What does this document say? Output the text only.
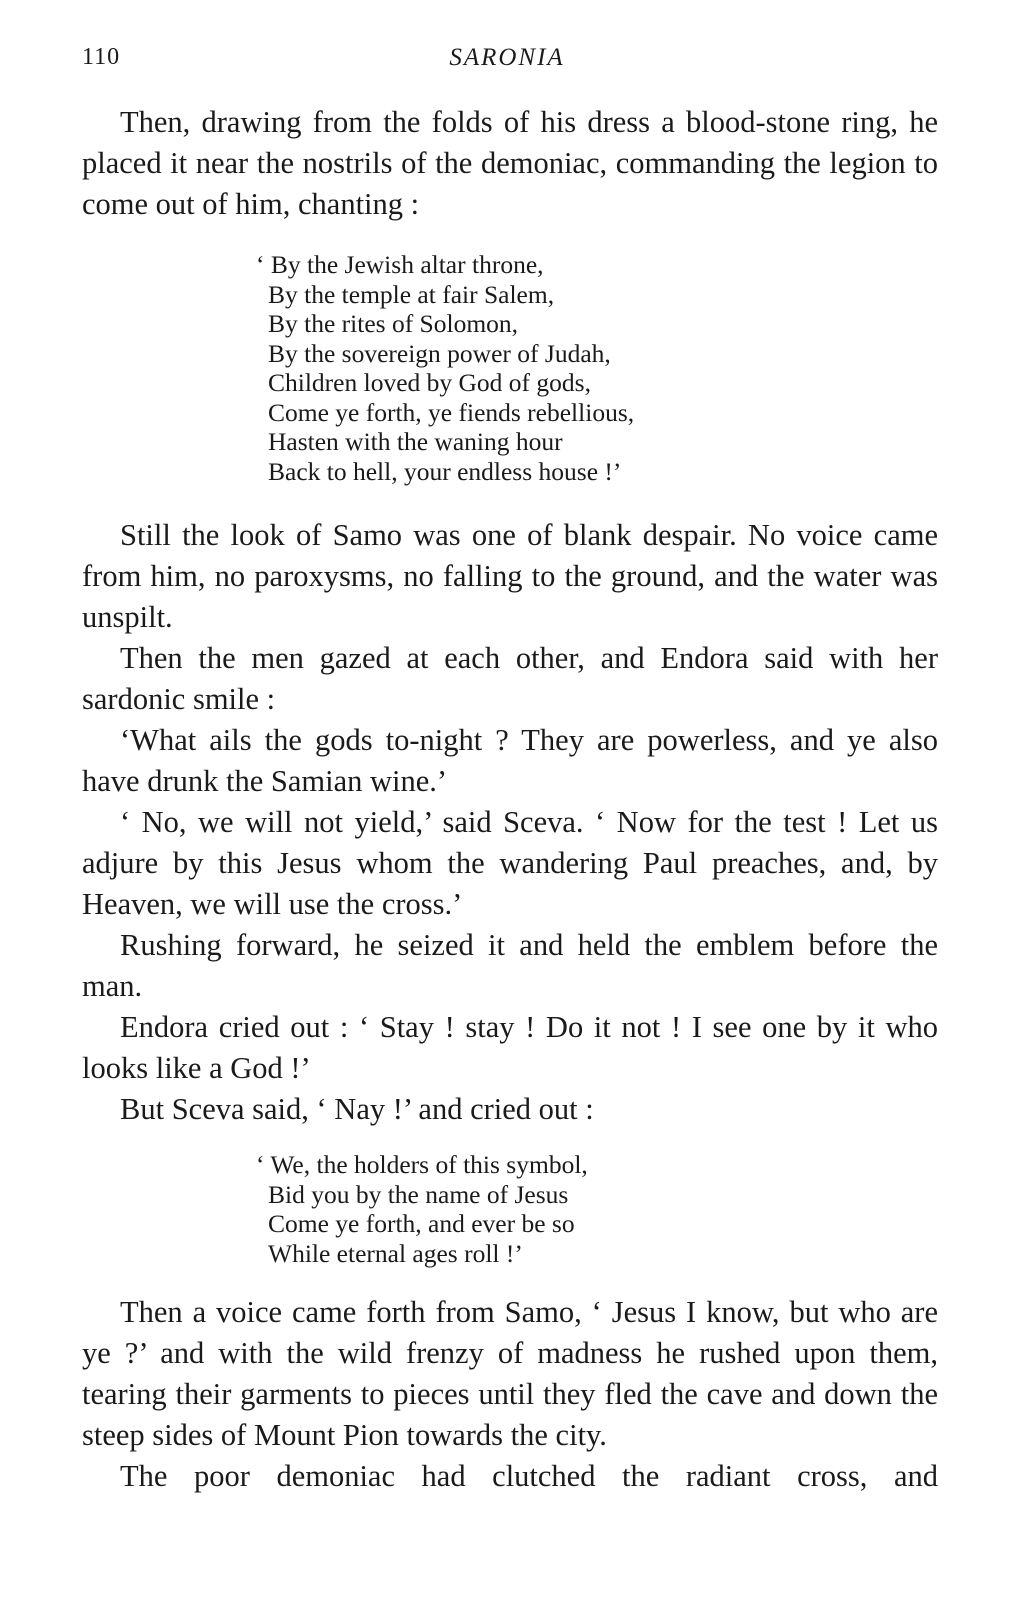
110	SARONIA

Then, drawing from the folds of his dress a blood-stone ring, he placed it near the nostrils of the demoniac, commanding the legion to come out of him, chanting :

‘ By the Jewish altar throne,
By the temple at fair Salem,
By the rites of Solomon,
By the sovereign power of Judah,
Children loved by God of gods,
Come ye forth, ye fiends rebellious,
Hasten with the waning hour
Back to hell, your endless house !’

Still the look of Samo was one of blank despair. No voice came from him, no paroxysms, no falling to the ground, and the water was unspilt.

Then the men gazed at each other, and Endora said with her sardonic smile :

‘What ails the gods to-night ? They are powerless, and ye also have drunk the Samian wine.’

‘ No, we will not yield,’ said Sceva. ‘ Now for the test ! Let us adjure by this Jesus whom the wandering Paul preaches, and, by Heaven, we will use the cross.’

Rushing forward, he seized it and held the emblem before the man.

Endora cried out : ‘ Stay ! stay ! Do it not ! I see one by it who looks like a God !’

But Sceva said, ‘ Nay !’ and cried out :

‘ We, the holders of this symbol,
Bid you by the name of Jesus
Come ye forth, and ever be so
While eternal ages roll !’

Then a voice came forth from Samo, ‘ Jesus I know, but who are ye ?’ and with the wild frenzy of madness he rushed upon them, tearing their garments to pieces until they fled the cave and down the steep sides of Mount Pion towards the city.

The poor demoniac had clutched the radiant cross, and
